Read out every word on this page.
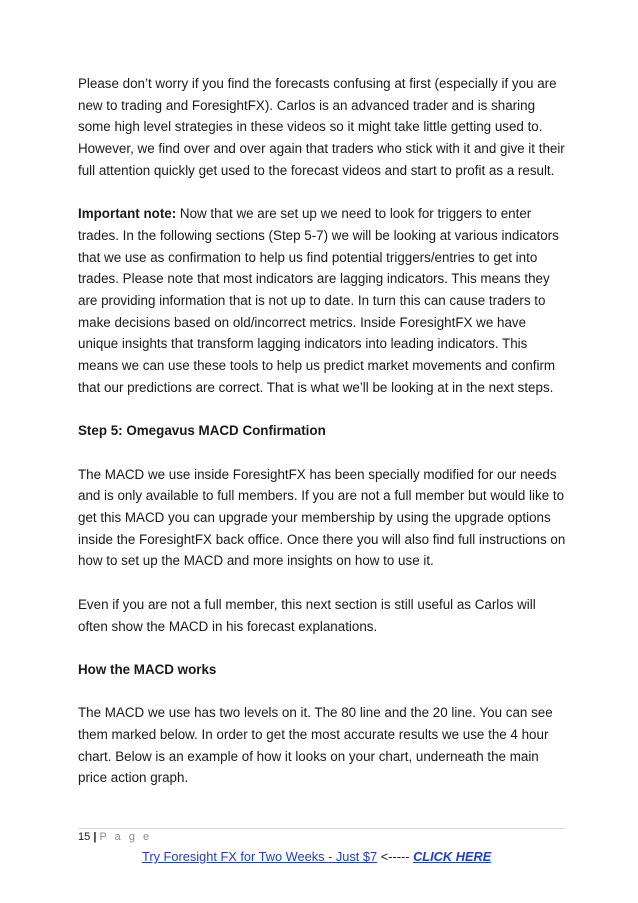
Please don’t worry if you find the forecasts confusing at first (especially if you are new to trading and ForesightFX). Carlos is an advanced trader and is sharing some high level strategies in these videos so it might take little getting used to. However, we find over and over again that traders who stick with it and give it their full attention quickly get used to the forecast videos and start to profit as a result.

Important note: Now that we are set up we need to look for triggers to enter trades. In the following sections (Step 5-7) we will be looking at various indicators that we use as confirmation to help us find potential triggers/entries to get into trades. Please note that most indicators are lagging indicators. This means they are providing information that is not up to date. In turn this can cause traders to make decisions based on old/incorrect metrics. Inside ForesightFX we have unique insights that transform lagging indicators into leading indicators. This means we can use these tools to help us predict market movements and confirm that our predictions are correct. That is what we’ll be looking at in the next steps.

Step 5: Omegavus MACD Confirmation

The MACD we use inside ForesightFX has been specially modified for our needs and is only available to full members. If you are not a full member but would like to get this MACD you can upgrade your membership by using the upgrade options inside the ForesightFX back office. Once there you will also find full instructions on how to set up the MACD and more insights on how to use it.

Even if you are not a full member, this next section is still useful as Carlos will often show the MACD in his forecast explanations.

How the MACD works

The MACD we use has two levels on it. The 80 line and the 20 line. You can see them marked below. In order to get the most accurate results we use the 4 hour chart. Below is an example of how it looks on your chart, underneath the main price action graph.

15 | P a g e
Try Foresight FX for Two Weeks - Just $7 <----- CLICK HERE
